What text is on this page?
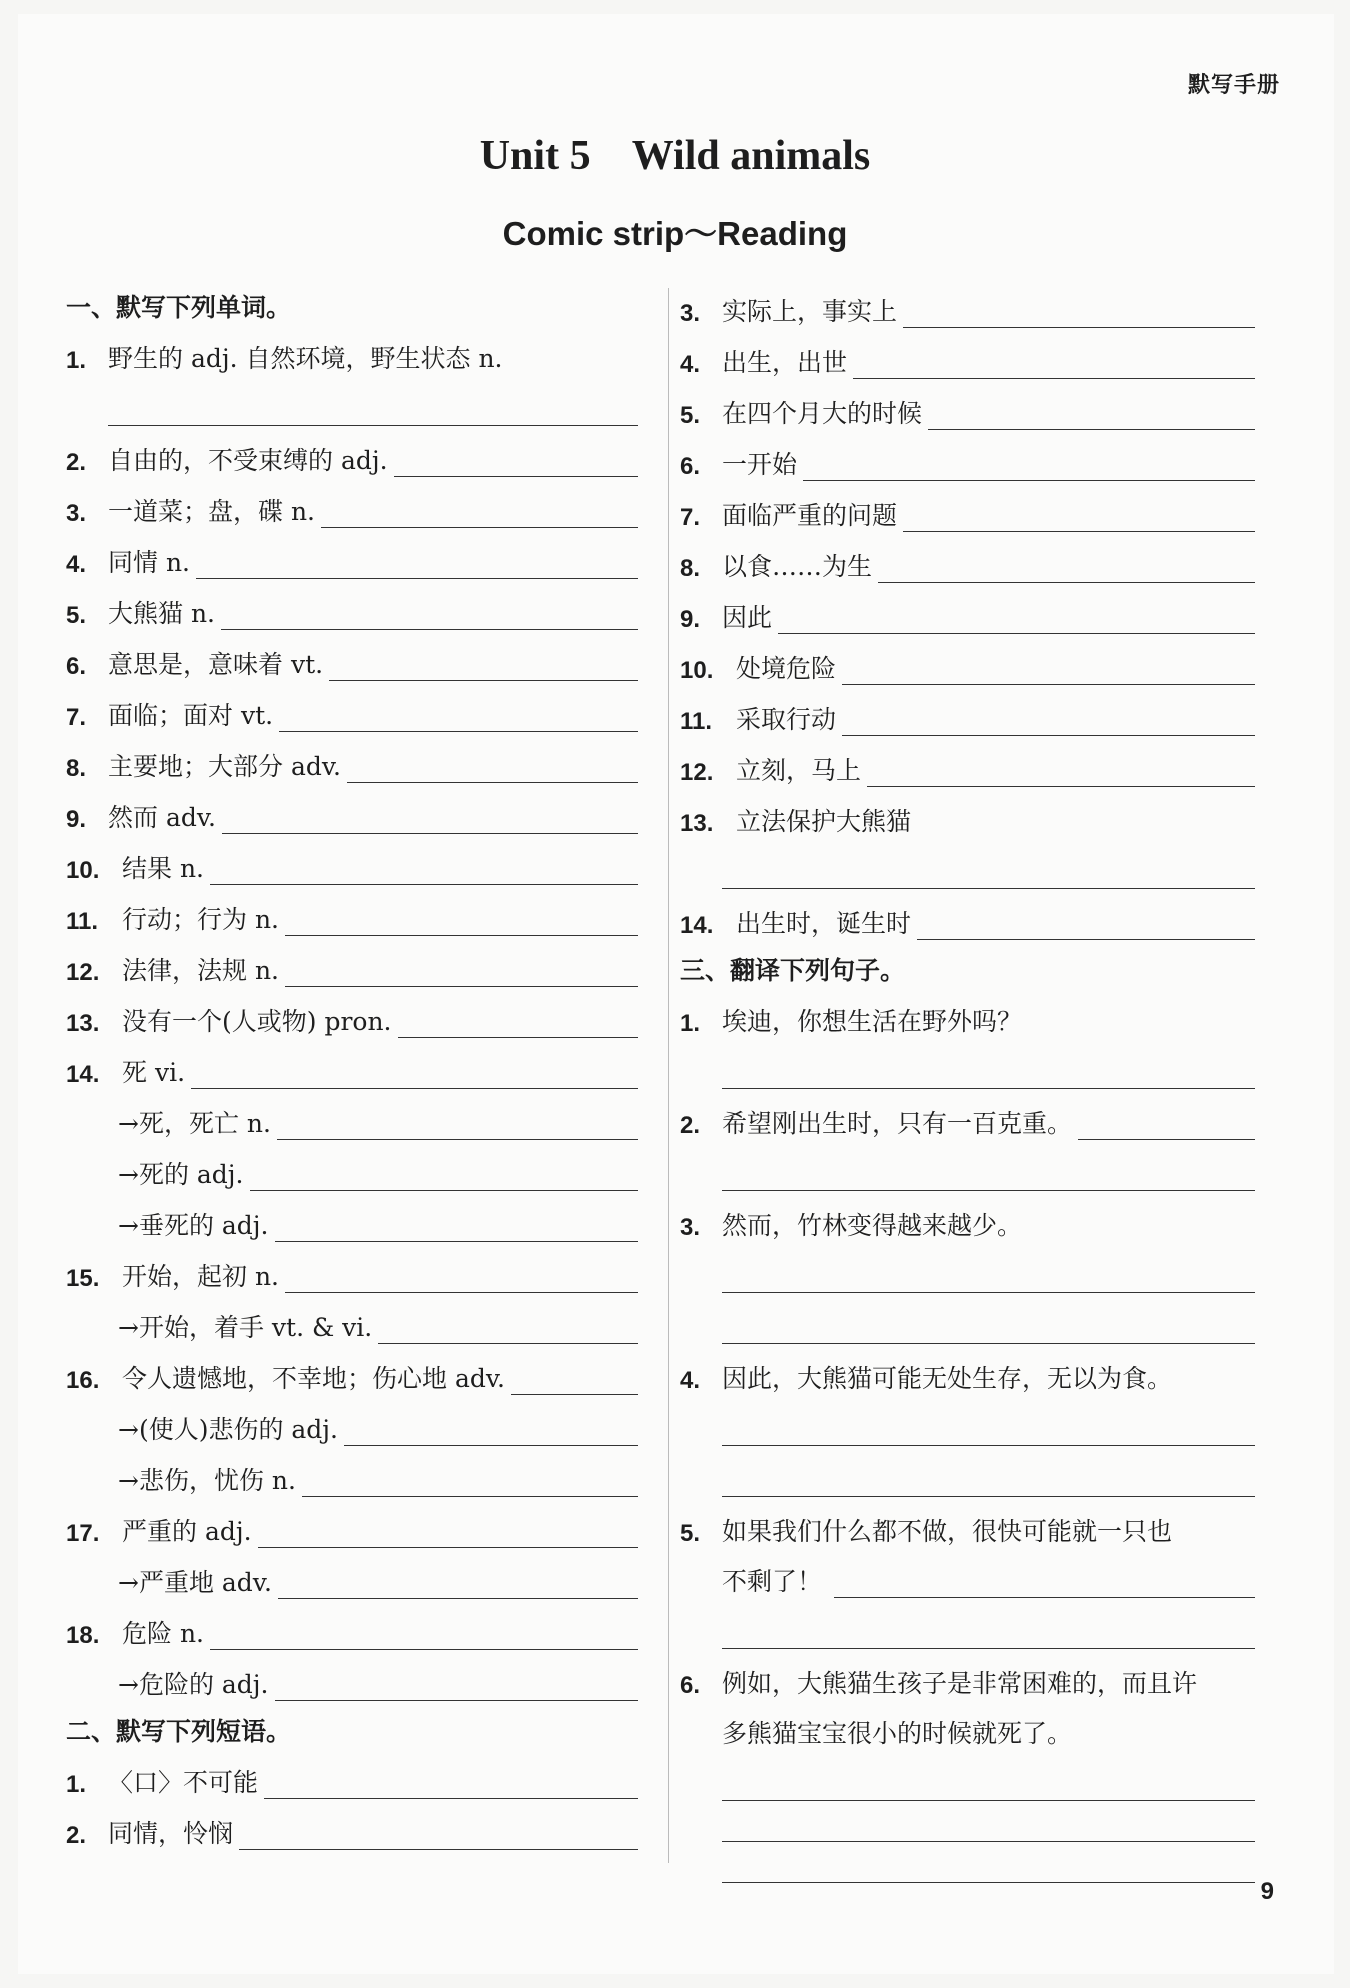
默写手册
Unit 5    Wild animals
Comic strip～Reading
一、默写下列单词。
1. 野生的 adj. 自然环境，野生状态 n.
2. 自由的，不受束缚的 adj.
3. 一道菜；盘，碟 n.
4. 同情 n.
5. 大熊猫 n.
6. 意思是，意味着 vt.
7. 面临；面对 vt.
8. 主要地；大部分 adv.
9. 然而 adv.
10. 结果 n.
11. 行动；行为 n.
12. 法律，法规 n.
13. 没有一个(人或物) pron.
14. 死 vi.
→死，死亡 n.
→死的 adj.
→垂死的 adj.
15. 开始，起初 n.
→开始，着手 vt. & vi.
16. 令人遗憾地，不幸地；伤心地 adv.
→(使人)悲伤的 adj.
→悲伤，忧伤 n.
17. 严重的 adj.
→严重地 adv.
18. 危险 n.
→危险的 adj.
二、默写下列短语。
1. 〈口〉不可能
2. 同情，怜悯
3. 实际上，事实上
4. 出生，出世
5. 在四个月大的时候
6. 一开始
7. 面临严重的问题
8. 以食……为生
9. 因此
10. 处境危险
11. 采取行动
12. 立刻，马上
13. 立法保护大熊猫
14. 出生时，诞生时
三、翻译下列句子。
1. 埃迪，你想生活在野外吗？
2. 希望刚出生时，只有一百克重。
3. 然而，竹林变得越来越少。
4. 因此，大熊猫可能无处生存，无以为食。
5. 如果我们什么都不做，很快可能就一只也
不剩了！
6. 例如，大熊猫生孩子是非常困难的，而且许
多熊猫宝宝很小的时候就死了。
9
